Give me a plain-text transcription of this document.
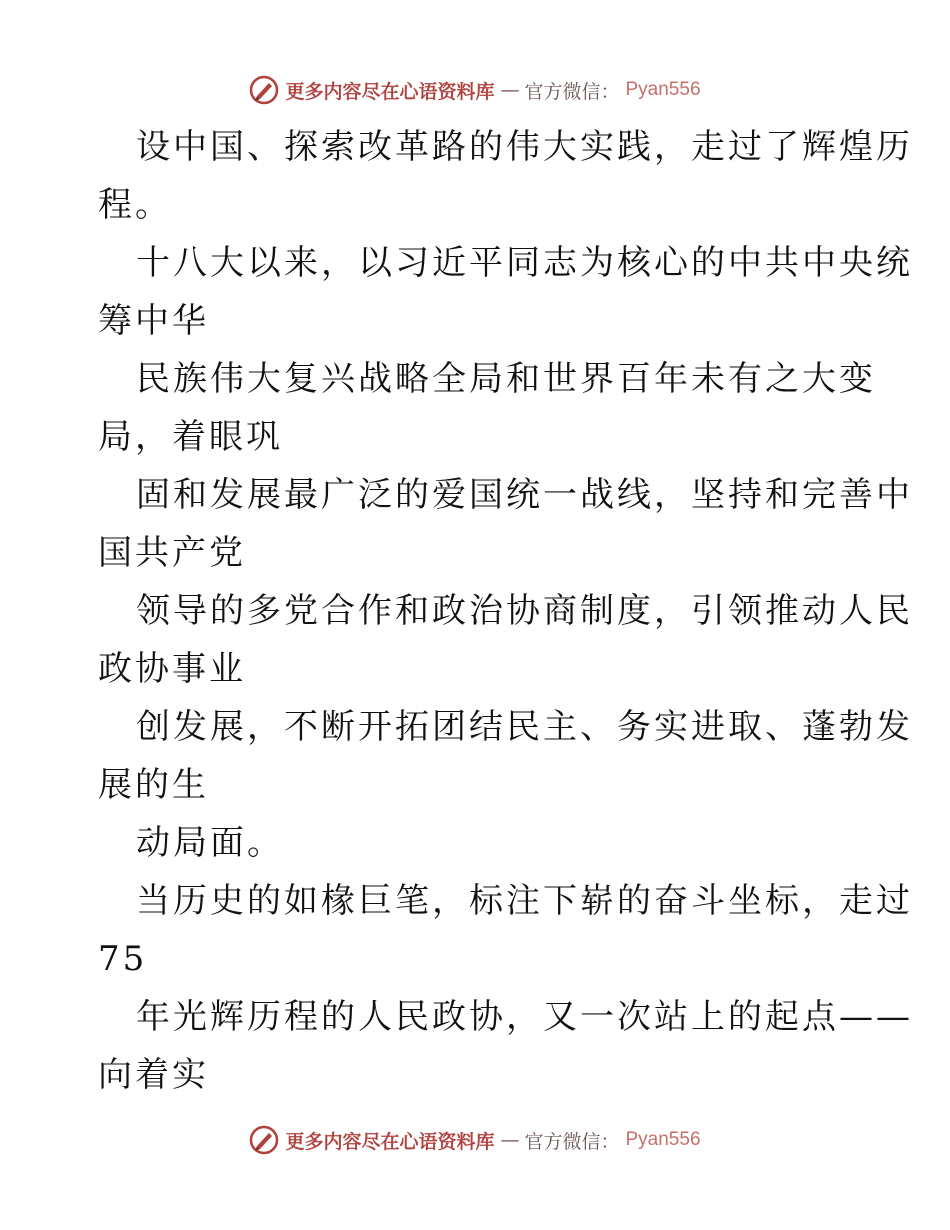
更多内容尽在心语资料库 — 官方微信： Pyan556
设中国、探索改革路的伟大实践，走过了辉煌历
程。
十八大以来，以习近平同志为核心的中共中央统
筹中华
民族伟大复兴战略全局和世界百年未有之大变
局，着眼巩
固和发展最广泛的爱国统一战线，坚持和完善中
国共产党
领导的多党合作和政治协商制度，引领推动人民
政协事业
创发展，不断开拓团结民主、务实进取、蓬勃发
展的生
动局面。
当历史的如椽巨笔，标注下崭的奋斗坐标，走过
75
年光辉历程的人民政协，又一次站上的起点——
向着实
更多内容尽在心语资料库 — 官方微信： Pyan556
